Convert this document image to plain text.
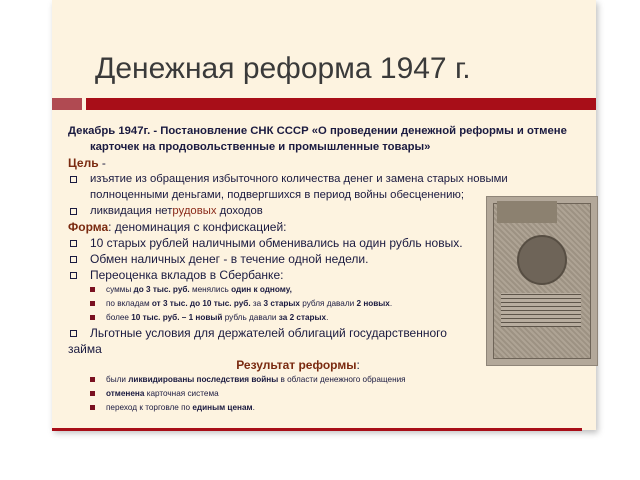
Денежная реформа 1947 г.
Декабрь 1947г. - Постановление СНК СССР «О проведении денежной реформы и отмене
карточек на продовольственные и промышленные товары»
Цель -
изъятие из обращения избыточного количества денег и замена старых новыми
полноценными деньгами, подвергшихся в период войны обесценению;
ликвидация нетрудовых доходов
Форма: деноминация с конфискацией:
10 старых рублей наличными обменивались на один рубль новых.
Обмен наличных денег - в течение одной недели.
Переоценка вкладов в Сбербанке:
суммы до 3 тыс. руб. менялись один к одному,
по вкладам от 3 тыс. до 10 тыс. руб. за 3 старых рубля давали 2 новых.
более 10 тыс. руб. – 1 новый рубль давали за 2 старых.
Льготные условия для держателей облигаций государственного
займа
Результат реформы:
были ликвидированы последствия войны в области денежного обращения
отменена карточная система
переход к торговле по единым ценам.
